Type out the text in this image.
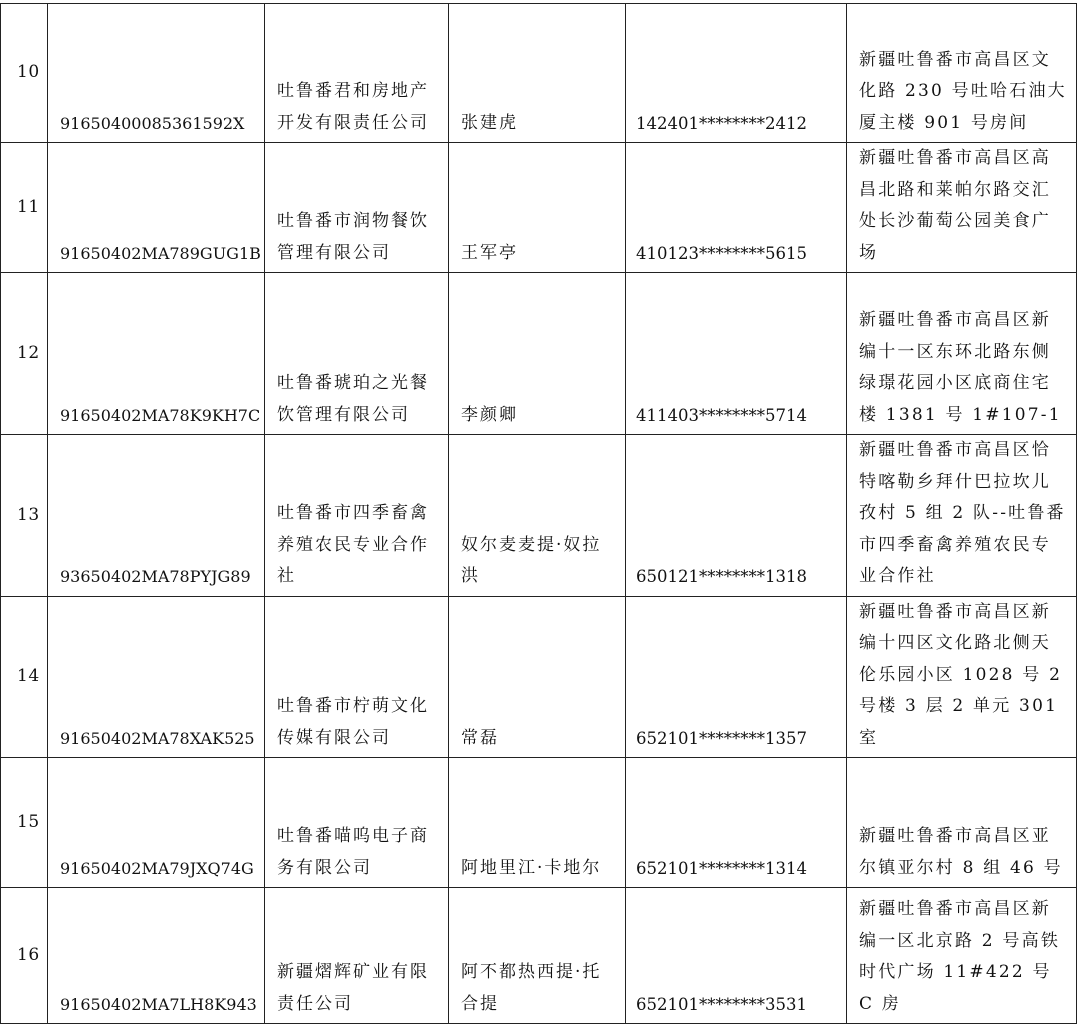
10	91650400085361592X	吐鲁番君和房地产开发有限责任公司	张建虎	142401********2412	新疆吐鲁番市高昌区文化路 230 号吐哈石油大厦主楼 901 号房间
11	91650402MA789GUG1B	吐鲁番市润物餐饮管理有限公司	王军亭	410123********5615	新疆吐鲁番市高昌区高昌北路和莱帕尔路交汇处长沙葡萄公园美食广场
12	91650402MA78K9KH7C	吐鲁番琥珀之光餐饮管理有限公司	李颜卿	411403********5714	新疆吐鲁番市高昌区新编十一区东环北路东侧绿璟花园小区底商住宅楼 1381 号 1#107-1
13	93650402MA78PYJG89	吐鲁番市四季畜禽养殖农民专业合作社	奴尔麦麦提·奴拉洪	650121********1318	新疆吐鲁番市高昌区恰特喀勒乡拜什巴拉坎儿孜村 5 组 2 队--吐鲁番市四季畜禽养殖农民专业合作社
14	91650402MA78XAK525	吐鲁番市柠萌文化传媒有限公司	常磊	652101********1357	新疆吐鲁番市高昌区新编十四区文化路北侧天伦乐园小区 1028 号 2 号楼 3 层 2 单元 301 室
15	91650402MA79JXQ74G	吐鲁番喵呜电子商务有限公司	阿地里江·卡地尔	652101********1314	新疆吐鲁番市高昌区亚尔镇亚尔村 8 组 46 号
16	91650402MA7LH8K943	新疆熠辉矿业有限责任公司	阿不都热西提·托合提	652101********3531	新疆吐鲁番市高昌区新编一区北京路 2 号高铁时代广场 11#422 号 C 房
